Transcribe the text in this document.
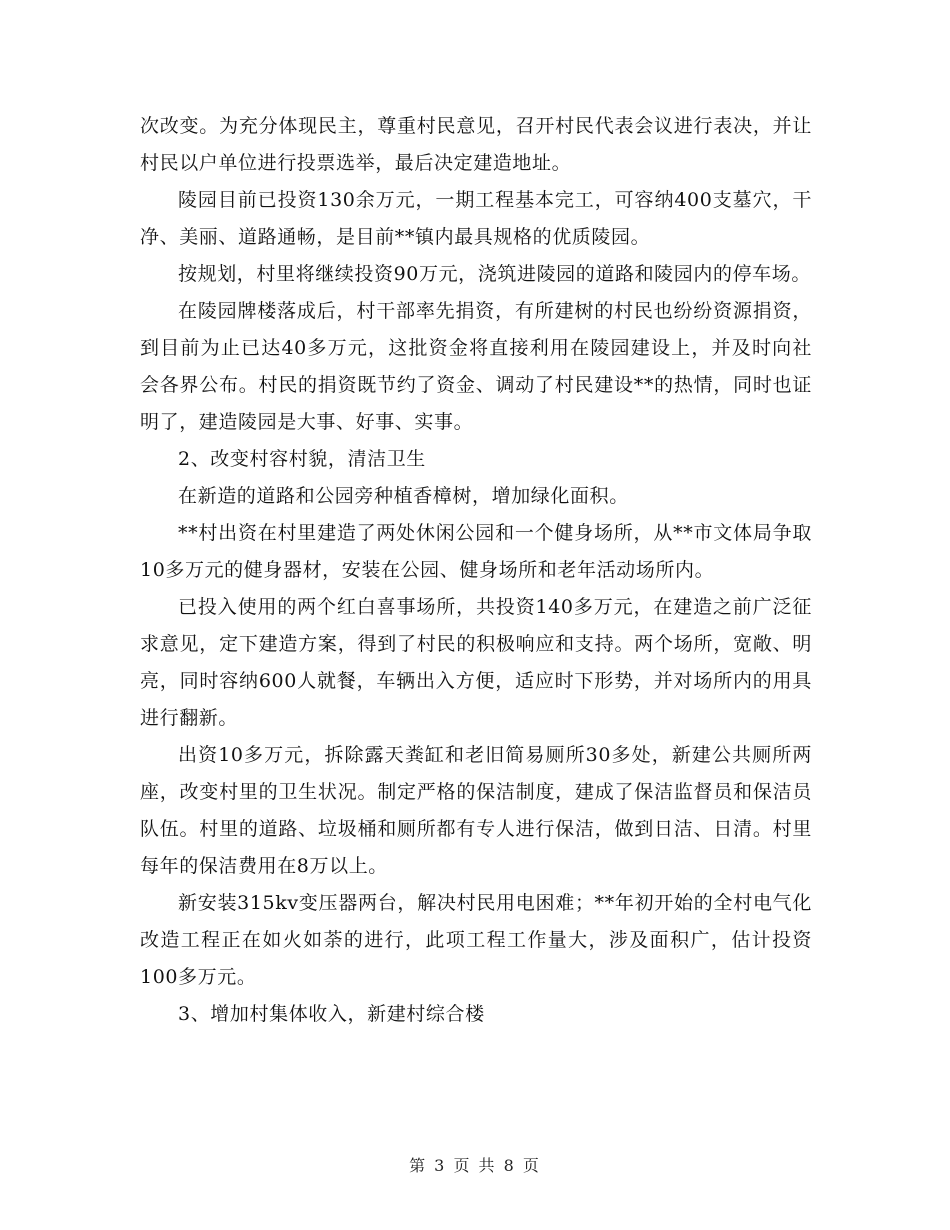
次改变。为充分体现民主，尊重村民意见，召开村民代表会议进行表决，并让村民以户单位进行投票选举，最后决定建造地址。

陵园目前已投资130余万元，一期工程基本完工，可容纳400支墓穴，干净、美丽、道路通畅，是目前**镇内最具规格的优质陵园。

按规划，村里将继续投资90万元，浇筑进陵园的道路和陵园内的停车场。

在陵园牌楼落成后，村干部率先捐资，有所建树的村民也纷纷资源捐资，到目前为止已达40多万元，这批资金将直接利用在陵园建设上，并及时向社会各界公布。村民的捐资既节约了资金、调动了村民建设**的热情，同时也证明了，建造陵园是大事、好事、实事。

2、改变村容村貌，清洁卫生

在新造的道路和公园旁种植香樟树，增加绿化面积。

**村出资在村里建造了两处休闲公园和一个健身场所，从**市文体局争取10多万元的健身器材，安装在公园、健身场所和老年活动场所内。

已投入使用的两个红白喜事场所，共投资140多万元，在建造之前广泛征求意见，定下建造方案，得到了村民的积极响应和支持。两个场所，宽敞、明亮，同时容纳600人就餐，车辆出入方便，适应时下形势，并对场所内的用具进行翻新。

出资10多万元，拆除露天粪缸和老旧简易厕所30多处，新建公共厕所两座，改变村里的卫生状况。制定严格的保洁制度，建成了保洁监督员和保洁员队伍。村里的道路、垃圾桶和厕所都有专人进行保洁，做到日洁、日清。村里每年的保洁费用在8万以上。

新安装315kv变压器两台，解决村民用电困难；**年初开始的全村电气化改造工程正在如火如荼的进行，此项工程工作量大，涉及面积广，估计投资100多万元。

3、增加村集体收入，新建村综合楼

第 3 页 共 8 页
